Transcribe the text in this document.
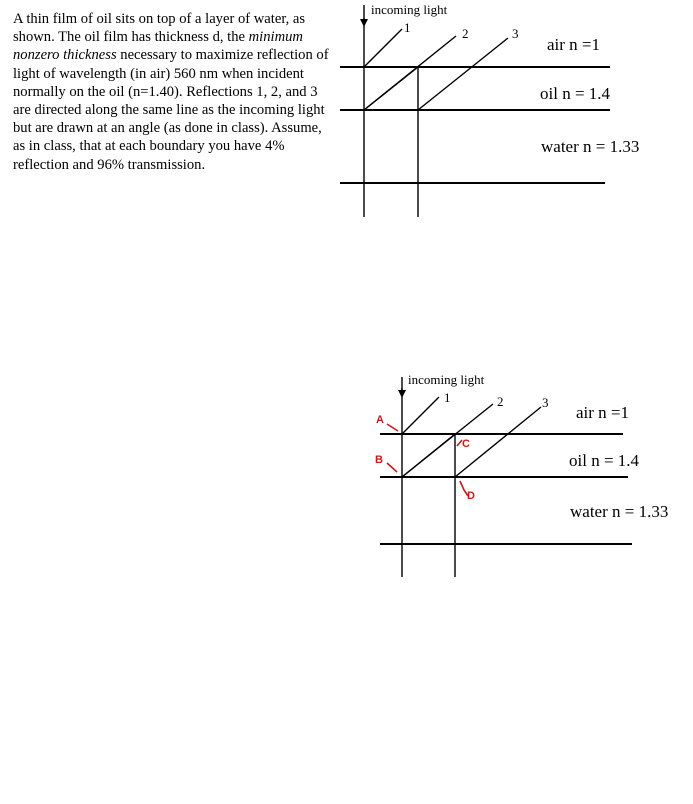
A thin film of oil sits on top of a layer of water, as shown. The oil film has thickness d, the minimum nonzero thickness necessary to maximize reflection of light of wavelength (in air) 560 nm when incident normally on the oil (n=1.40). Reflections 1, 2, and 3 are directed along the same line as the incoming light but are drawn at an angle (as done in class). Assume, as in class, that at each boundary you have 4% reflection and 96% transmission.
incoming light
1	2	3
air n =1
oil n = 1.4
water n = 1.33
incoming light
1	2	3
air n =1
oil n = 1.4
water n = 1.33
A
B
C
D
